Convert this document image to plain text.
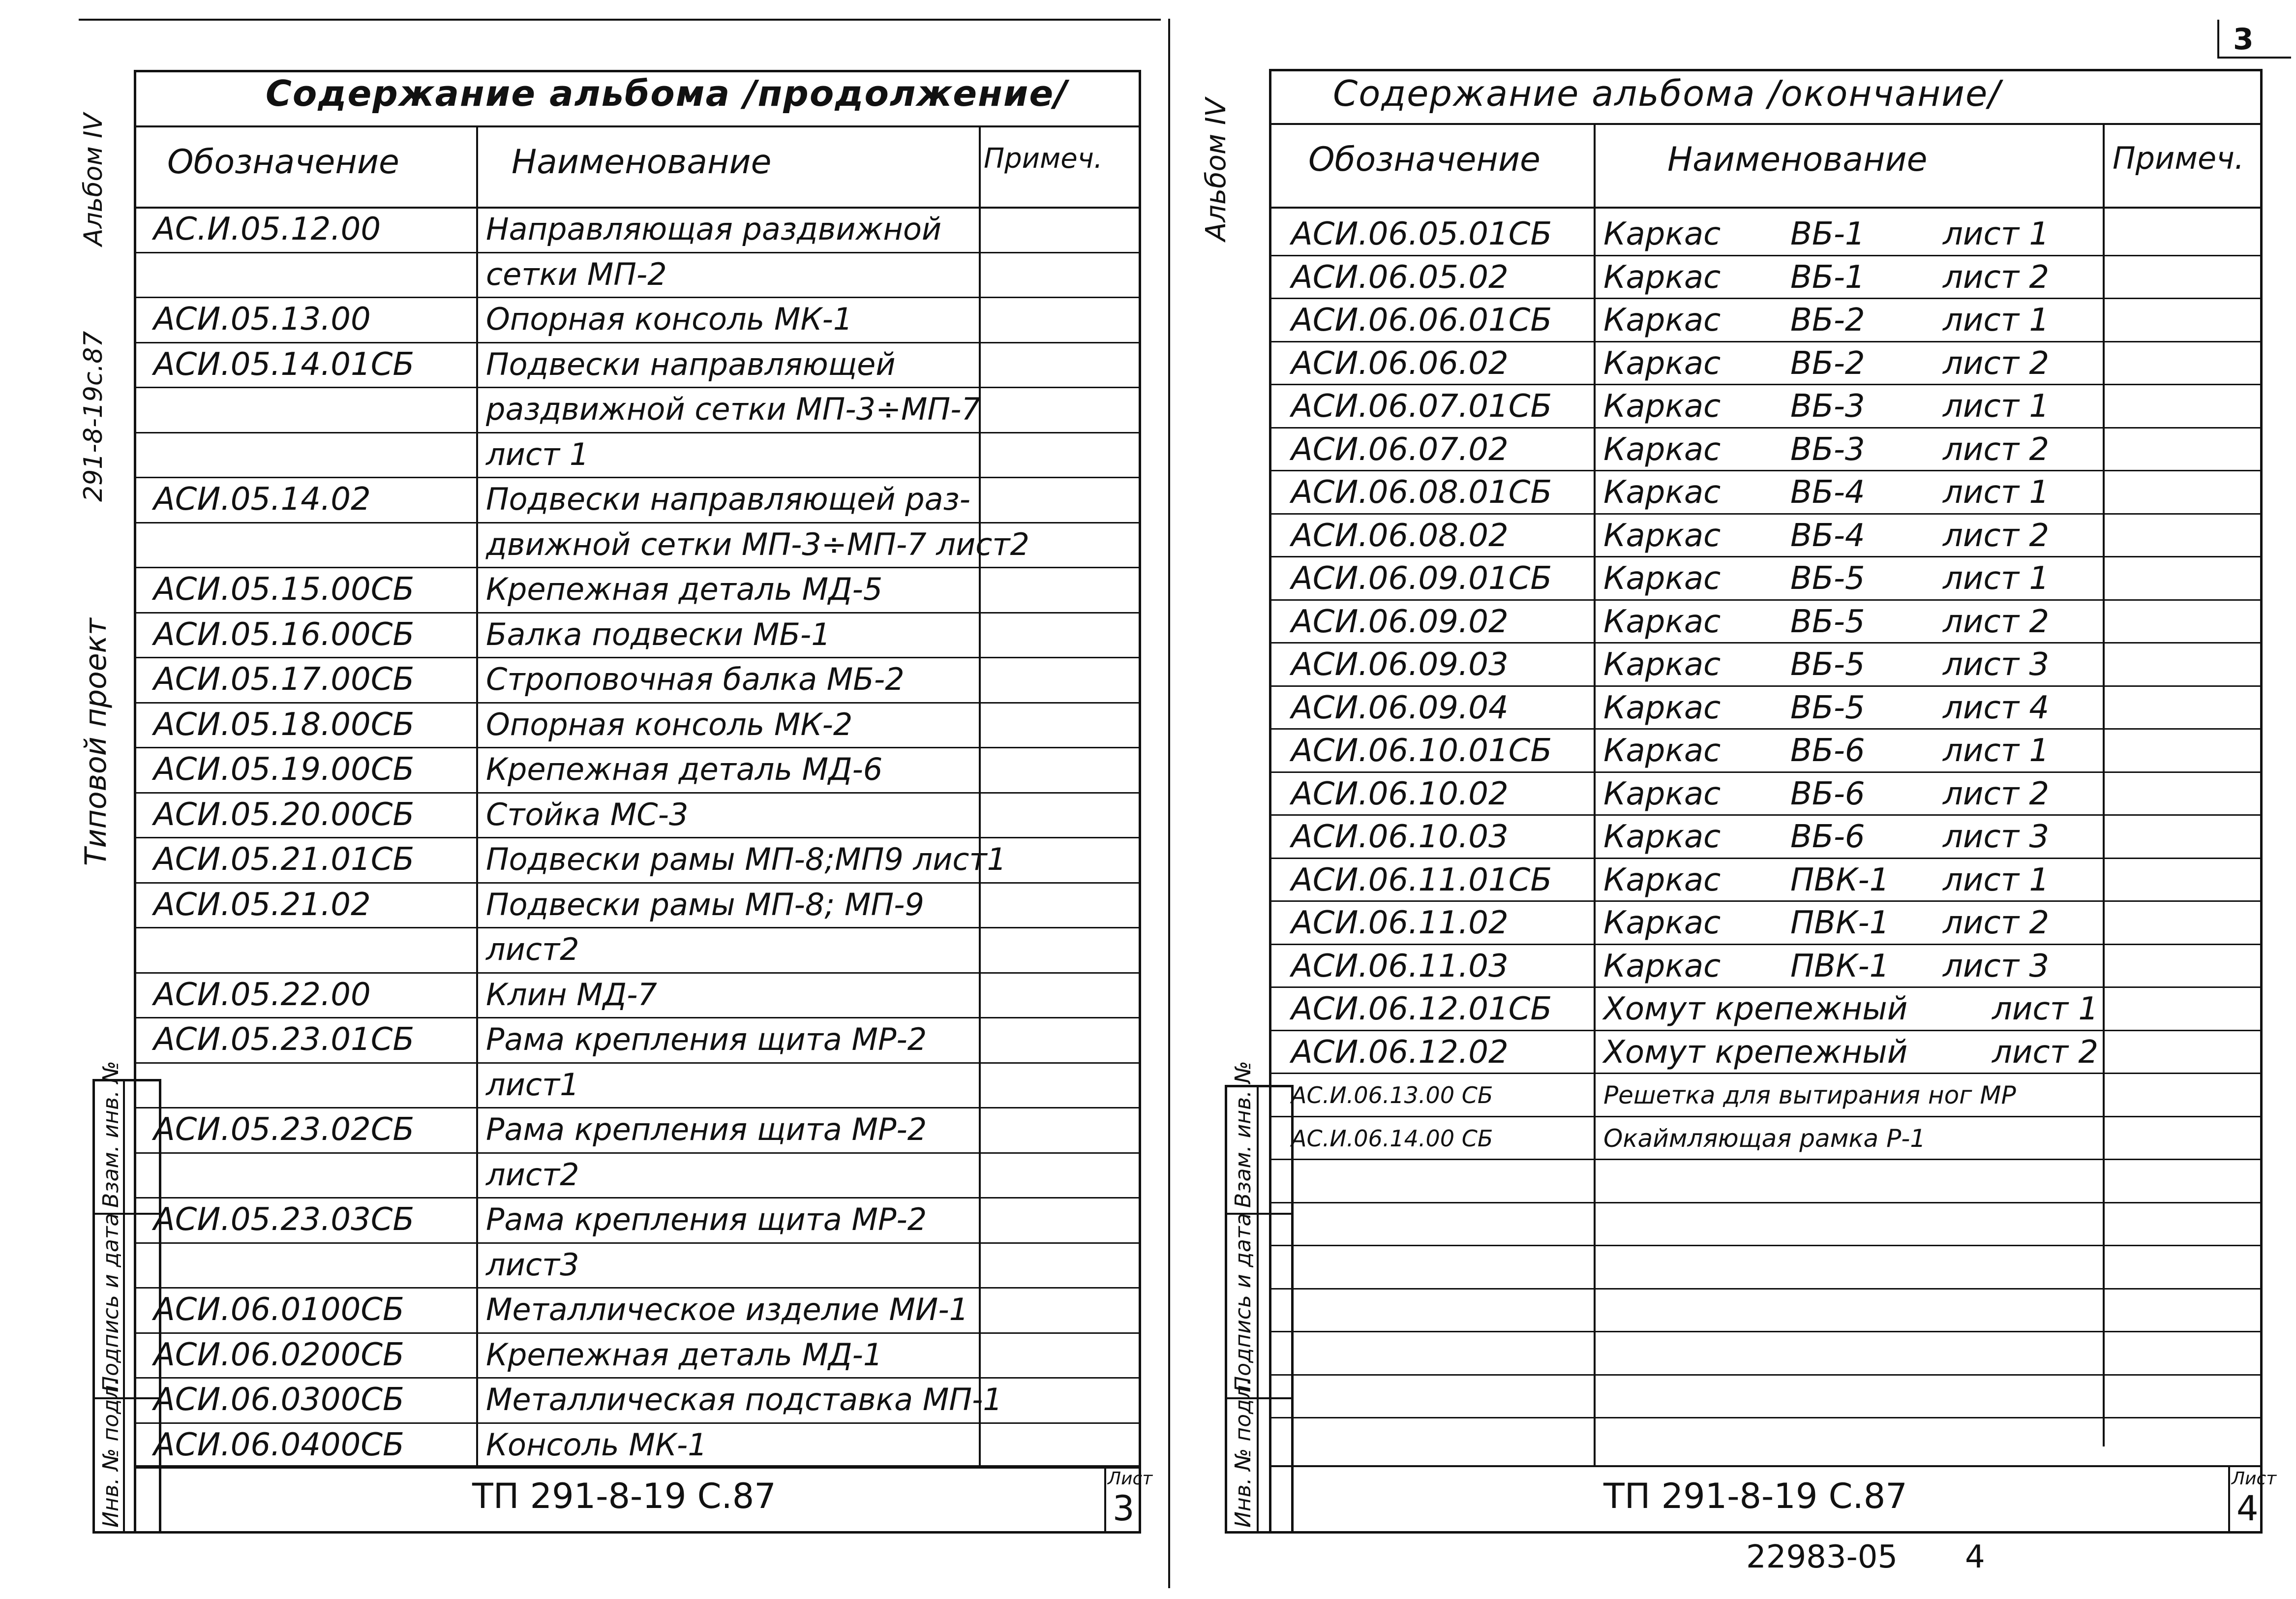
3
Альбом IV
291-8-19с.87
Типовой проект
Взам. инв. №
Подпись и дата
Инв. № подл.
Содержание альбома /продолжение/
Обозначение	Наименование	Примеч.
АС.И.05.12.00	Направляющая раздвижной
сетки МП-2
АСИ.05.13.00	Опорная консоль МК-1
АСИ.05.14.01СБ Подвески направляющей
раздвижной сетки МП-3÷МП-7
лист 1
АСИ.05.14.02	Подвески направляющей раз-
движной сетки МП-3÷МП-7 лист2
АСИ.05.15.00СБ Крепежная деталь МД-5
АСИ.05.16.00СБ Балка подвески МБ-1
АСИ.05.17.00СБ Строповочная балка МБ-2
АСИ.05.18.00СБ Опорная консоль МК-2
АСИ.05.19.00СБ Крепежная деталь МД-6
АСИ.05.20.00СБ Стойка МС-3
АСИ.05.21.01СБ Подвески рамы МП-8;МП9 лист1
АСИ.05.21.02	Подвески рамы МП-8; МП-9
лист2
АСИ.05.22.00	Клин МД-7
АСИ.05.23.01СБ Рама крепления щита МР-2
лист1
АСИ.05.23.02СБ Рама крепления щита МР-2
лист2
АСИ.05.23.03СБ Рама крепления щита МР-2
лист3
АСИ.06.0100СБ	Металлическое изделие МИ-1
АСИ.06.0200СБ	Крепежная деталь МД-1
АСИ.06.0300СБ	Металлическая подставка МП-1
АСИ.06.0400СБ	Консоль МК-1
ТП 291-8-19 С.87	Лист
3
Альбом IV
Взам. инв. №
Подпись и дата
Инв. № подл.
Содержание альбома /окончание/
Обозначение	Наименование	Примеч.
АСИ.06.05.01СБ Каркас ВБ-1 лист 1
АСИ.06.05.02	Каркас ВБ-1 лист 2
АСИ.06.06.01СБ Каркас ВБ-2 лист 1
АСИ.06.06.02	Каркас ВБ-2 лист 2
АСИ.06.07.01СБ Каркас ВБ-3 лист 1
АСИ.06.07.02	Каркас ВБ-3 лист 2
АСИ.06.08.01СБ Каркас ВБ-4 лист 1
АСИ.06.08.02	Каркас ВБ-4 лист 2
АСИ.06.09.01СБ Каркас ВБ-5 лист 1
АСИ.06.09.02	Каркас ВБ-5 лист 2
АСИ.06.09.03	Каркас ВБ-5 лист 3
АСИ.06.09.04	Каркас ВБ-5 лист 4
АСИ.06.10.01СБ Каркас ВБ-6 лист 1
АСИ.06.10.02	Каркас ВБ-6 лист 2
АСИ.06.10.03	Каркас ВБ-6 лист 3
АСИ.06.11.01СБ Каркас ПВК-1 лист 1
АСИ.06.11.02	Каркас ПВК-1 лист 2
АСИ.06.11.03	Каркас ПВК-1 лист 3
АСИ.06.12.01СБ Хомут крепежный	лист 1
АСИ.06.12.02	Хомут крепежный	лист 2
АС.И.06.13.00 СБ	Решетка для вытирания ног МР
АС.И.06.14.00 СБ	Окаймляющая рамка Р-1
ТП 291-8-19 С.87	Лист
4
22983-05 4
